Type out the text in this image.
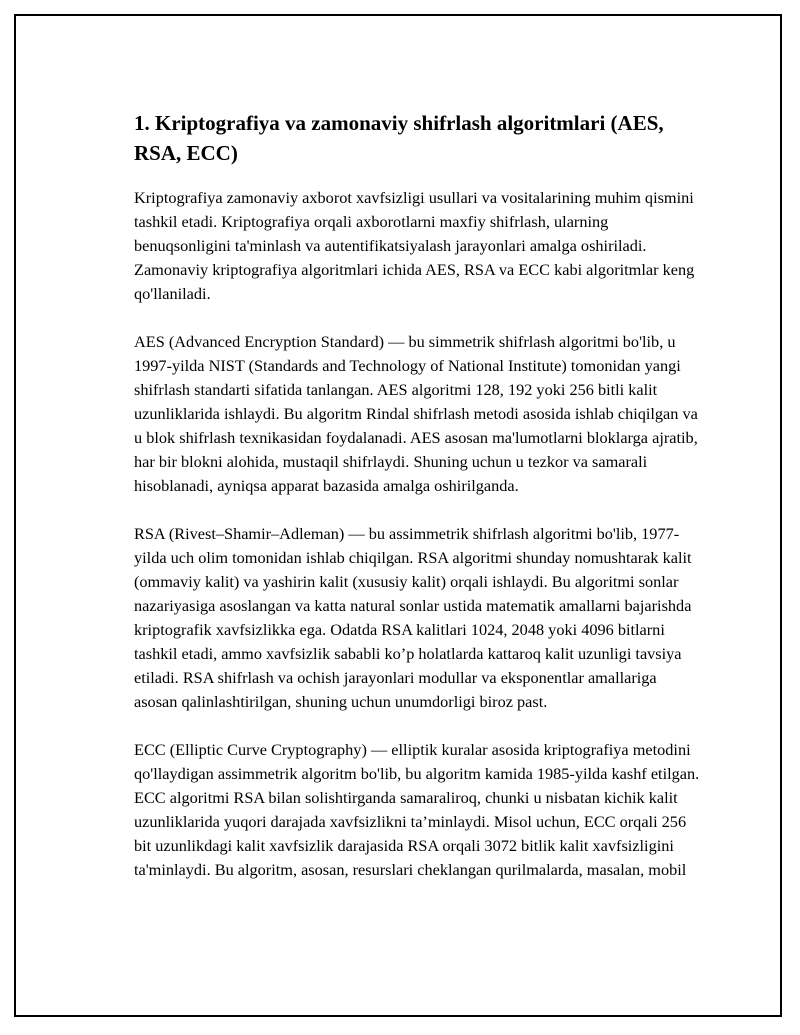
1. Kriptografiya va zamonaviy shifrlash algoritmlari (AES, RSA, ECC)

Kriptografiya zamonaviy axborot xavfsizligi usullari va vositalarining muhim qismini tashkil etadi. Kriptografiya orqali axborotlarni maxfiy shifrlash, ularning benuqsonligini ta'minlash va autentifikatsiyalash jarayonlari amalga oshiriladi. Zamonaviy kriptografiya algoritmlari ichida AES, RSA va ECC kabi algoritmlar keng qo'llaniladi.

AES (Advanced Encryption Standard) — bu simmetrik shifrlash algoritmi bo'lib, u 1997-yilda NIST (Standards and Technology of National Institute) tomonidan yangi shifrlash standarti sifatida tanlangan. AES algoritmi 128, 192 yoki 256 bitli kalit uzunliklarida ishlaydi. Bu algoritm Rindal shifrlash metodi asosida ishlab chiqilgan va u blok shifrlash texnikasidan foydalanadi. AES asosan ma'lumotlarni bloklarga ajratib, har bir blokni alohida, mustaqil shifrlaydi. Shuning uchun u tezkor va samarali hisoblanadi, ayniqsa apparat bazasida amalga oshirilganda.

RSA (Rivest–Shamir–Adleman) — bu assimmetrik shifrlash algoritmi bo'lib, 1977-yilda uch olim tomonidan ishlab chiqilgan. RSA algoritmi shunday nomushtarak kalit (ommaviy kalit) va yashirin kalit (xususiy kalit) orqali ishlaydi. Bu algoritmi sonlar nazariyasiga asoslangan va katta natural sonlar ustida matematik amallarni bajarishda kriptografik xavfsizlikka ega. Odatda RSA kalitlari 1024, 2048 yoki 4096 bitlarni tashkil etadi, ammo xavfsizlik sababli ko’p holatlarda kattaroq kalit uzunligi tavsiya etiladi. RSA shifrlash va ochish jarayonlari modullar va eksponentlar amallariga asosan qalinlashtirilgan, shuning uchun unumdorligi biroz past.

ECC (Elliptic Curve Cryptography) — elliptik kuralar asosida kriptografiya metodini qo'llaydigan assimmetrik algoritm bo'lib, bu algoritm kamida 1985-yilda kashf etilgan. ECC algoritmi RSA bilan solishtirganda samaraliroq, chunki u nisbatan kichik kalit uzunliklarida yuqori darajada xavfsizlikni ta’minlaydi. Misol uchun, ECC orqali 256 bit uzunlikdagi kalit xavfsizlik darajasida RSA orqali 3072 bitlik kalit xavfsizligini ta'minlaydi. Bu algoritm, asosan, resurslari cheklangan qurilmalarda, masalan, mobil
